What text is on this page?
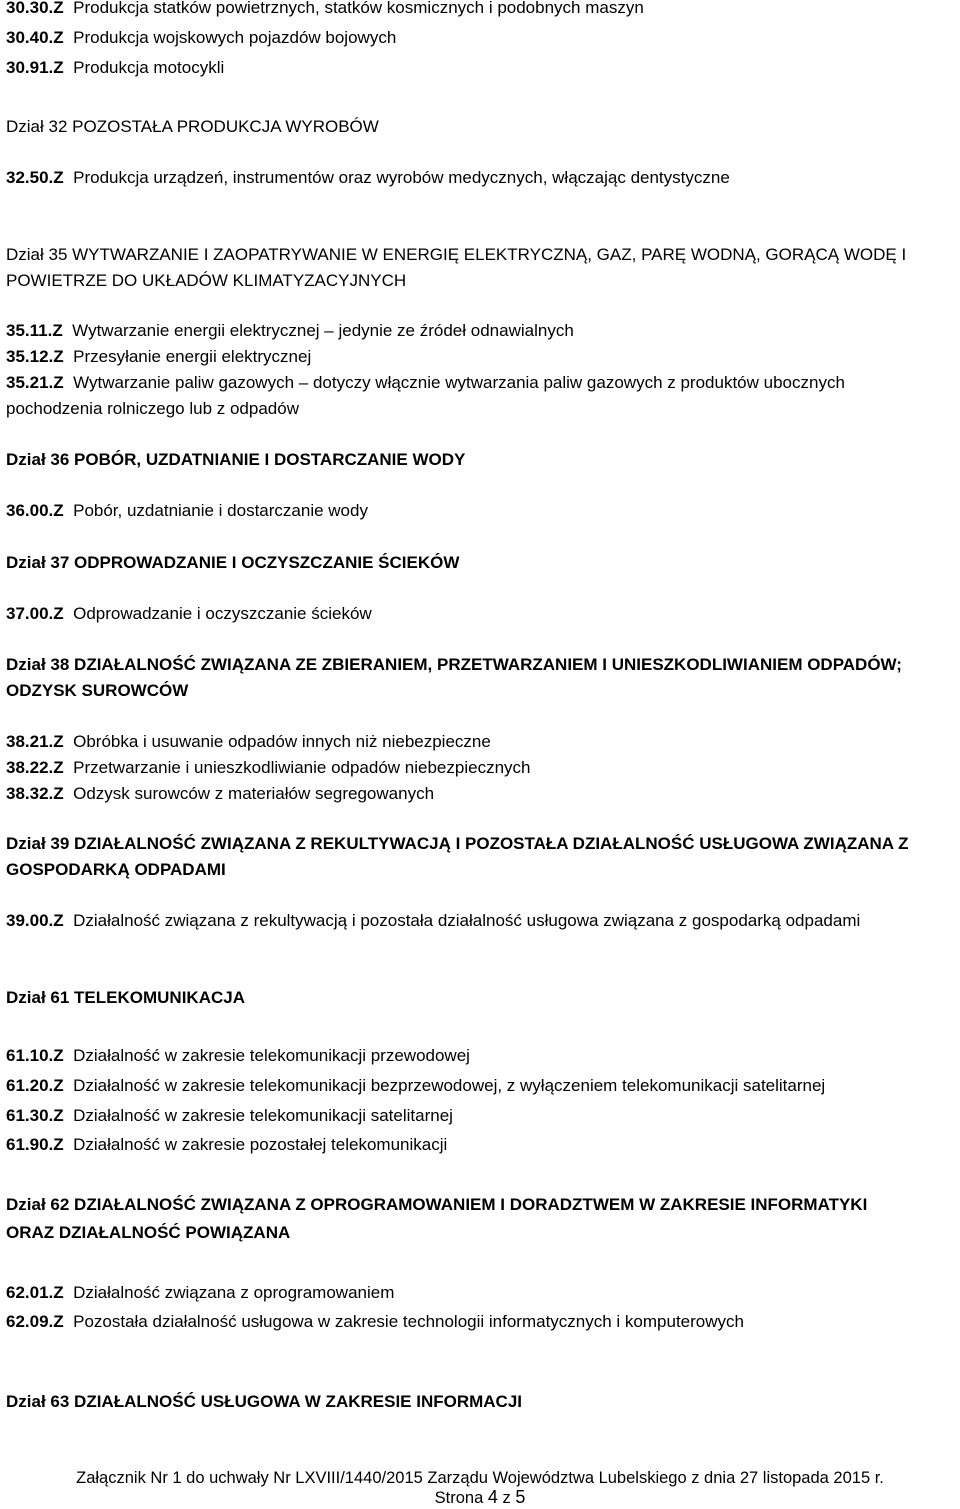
30.30.Z Produkcja statków powietrznych, statków kosmicznych i podobnych maszyn
30.40.Z Produkcja wojskowych pojazdów bojowych
30.91.Z Produkcja motocykli
Dział 32 POZOSTAŁA PRODUKCJA WYROBÓW
32.50.Z Produkcja urządzeń, instrumentów oraz wyrobów medycznych, włączając dentystyczne
Dział 35 WYTWARZANIE I ZAOPATRYWANIE W ENERGIĘ ELEKTRYCZNĄ, GAZ, PARĘ WODNĄ, GORĄCĄ WODĘ I
POWIETRZE DO UKŁADÓW KLIMATYZACYJNYCH
35.11.Z Wytwarzanie energii elektrycznej – jedynie ze źródeł odnawialnych
35.12.Z Przesyłanie energii elektrycznej
35.21.Z Wytwarzanie paliw gazowych – dotyczy włącznie wytwarzania paliw gazowych z produktów ubocznych
pochodzenia rolniczego lub z odpadów
Dział 36 POBÓR, UZDATNIANIE I DOSTARCZANIE WODY
36.00.Z Pobór, uzdatnianie i dostarczanie wody
Dział 37 ODPROWADZANIE I OCZYSZCZANIE ŚCIEKÓW
37.00.Z Odprowadzanie i oczyszczanie ścieków
Dział 38 DZIAŁALNOŚĆ ZWIĄZANA ZE ZBIERANIEM, PRZETWARZANIEM I UNIESZKODLIWIANIEM ODPADÓW;
ODZYSK SUROWCÓW
38.21.Z Obróbka i usuwanie odpadów innych niż niebezpieczne
38.22.Z Przetwarzanie i unieszkodliwianie odpadów niebezpiecznych
38.32.Z Odzysk surowców z materiałów segregowanych
Dział 39 DZIAŁALNOŚĆ ZWIĄZANA Z REKULTYWACJĄ I POZOSTAŁA DZIAŁALNOŚĆ USŁUGOWA ZWIĄZANA Z
GOSPODARKĄ ODPADAMI
39.00.Z Działalność związana z rekultywacją i pozostała działalność usługowa związana z gospodarką odpadami
Dział 61 TELEKOMUNIKACJA
61.10.Z Działalność w zakresie telekomunikacji przewodowej
61.20.Z Działalność w zakresie telekomunikacji bezprzewodowej, z wyłączeniem telekomunikacji satelitarnej
61.30.Z Działalność w zakresie telekomunikacji satelitarnej
61.90.Z Działalność w zakresie pozostałej telekomunikacji
Dział 62 DZIAŁALNOŚĆ ZWIĄZANA Z OPROGRAMOWANIEM I DORADZTWEM W ZAKRESIE INFORMATYKI
ORAZ DZIAŁALNOŚĆ POWIĄZANA
62.01.Z Działalność związana z oprogramowaniem
62.09.Z Pozostała działalność usługowa w zakresie technologii informatycznych i komputerowych
Dział 63 DZIAŁALNOŚĆ USŁUGOWA W ZAKRESIE INFORMACJI
Załącznik Nr 1 do uchwały Nr LXVIII/1440/2015 Zarządu Województwa Lubelskiego z dnia 27 listopada 2015 r.
Strona 4 z 5
